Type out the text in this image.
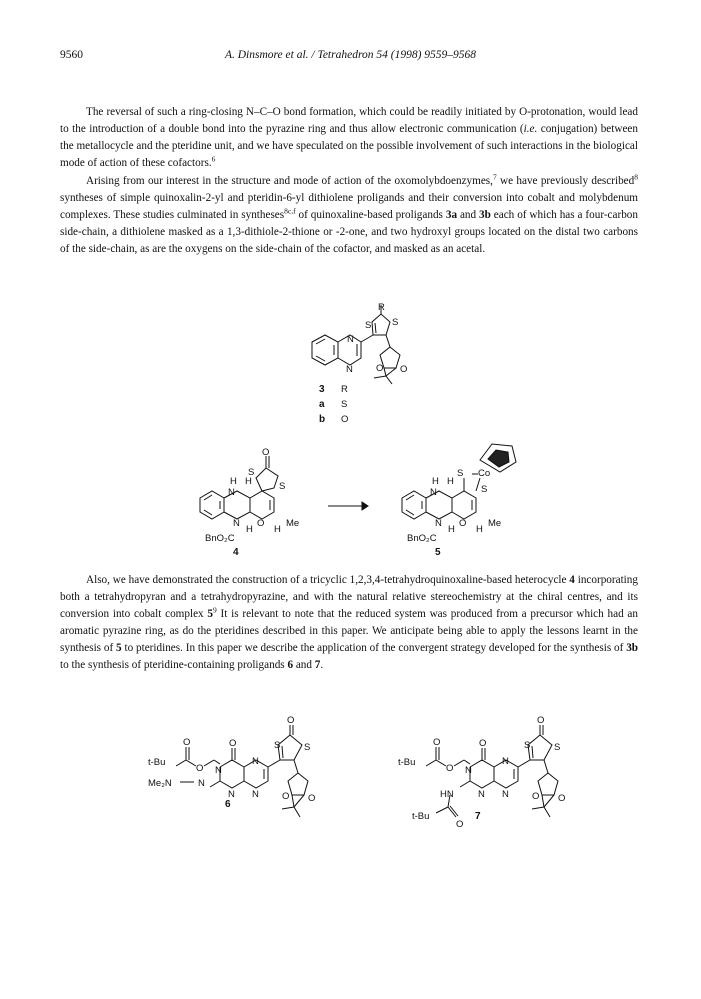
9560	A. Dinsmore et al. / Tetrahedron 54 (1998) 9559–9568

The reversal of such a ring-closing N–C–O bond formation, which could be readily initiated by O-protonation, would lead to the introduction of a double bond into the pyrazine ring and thus allow electronic communication (i.e. conjugation) between the metallocycle and the pteridine unit, and we have speculated on the possible involvement of such interactions in the biological mode of action of these cofactors.$^6$

Arising from our interest in the structure and mode of action of the oxomolybdoenzymes,$^7$ we have previously described$^8$ syntheses of simple quinoxalin-2-yl and pteridin-6-yl dithiolene proligands and their conversion into cobalt and molybdenum complexes. These studies culminated in syntheses$^{8c,f}$ of quinoxaline-based proligands 3a and 3b each of which has a four-carbon side-chain, a dithiolene masked as a 1,3-dithiole-2-thione or -2-one, and two hydroxyl groups located on the distal two carbons of the side-chain, as are the oxygens on the side-chain of the cofactor, and masked as an acetal.

N
N
S S
R
O O
3 R
a S
b O
O
S
S
N
H H
N O Me
H H
BnO₂C
4
S Co
S
N
H H
N O Me
H H
BnO₂C
5

Also, we have demonstrated the construction of a tricyclic 1,2,3,4-tetrahydroquinoxaline-based heterocycle 4 incorporating both a tetrahydropyran and a tetrahydropyrazine, and with the natural relative stereochemistry at the chiral centres, and its conversion into cobalt complex $5^9$ It is relevant to note that the reduced system was produced from a precursor which had an aromatic pyrazine ring, as do the pteridines described in this paper. We anticipate being able to apply the lessons learnt in the synthesis of 5 to pteridines. In this paper we describe the application of the convergent strategy developed for the synthesis of 3b to the synthesis of pteridine-containing proligands 6 and 7.

t-Bu
O
O
O
N
N
N
N
Me₂N	N
S S
O
O O
6
t-Bu
O
O
O
N
N
N
N
HN
t-Bu
O
S S
O
O O
7
